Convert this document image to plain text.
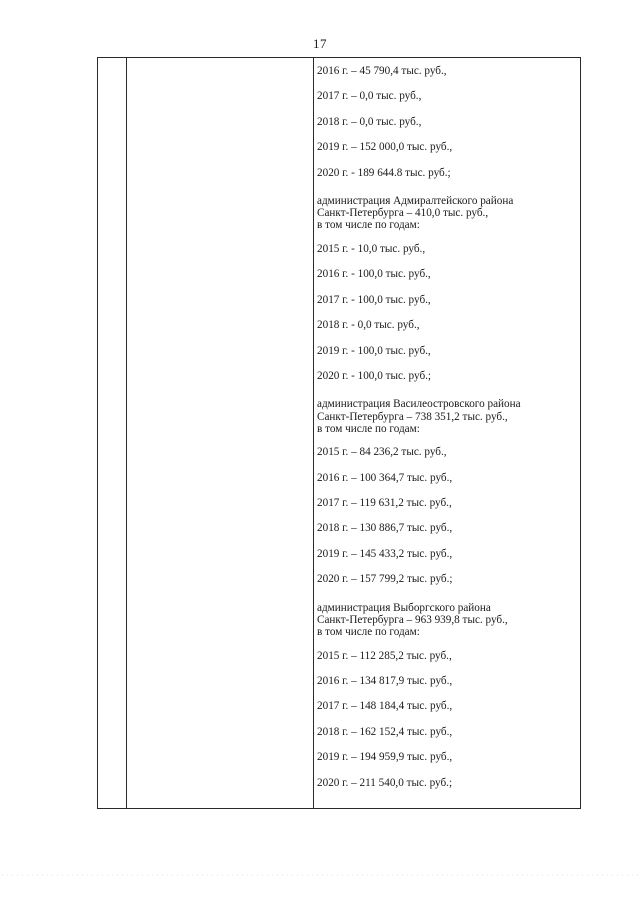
17
2016 г. – 45 790,4 тыс. руб.,
2017 г. – 0,0 тыс. руб.,
2018 г. – 0,0 тыс. руб.,
2019 г. – 152 000,0 тыс. руб.,
2020 г. - 189 644.8 тыс. руб.;
администрация Адмиралтейского района
Санкт-Петербурга – 410,0 тыс. руб.,
в том числе по годам:
2015 г. - 10,0 тыс. руб.,
2016 г. - 100,0 тыс. руб.,
2017 г. - 100,0 тыс. руб.,
2018 г. - 0,0 тыс. руб.,
2019 г. - 100,0 тыс. руб.,
2020 г. - 100,0 тыс. руб.;
администрация Василеостровского района
Санкт-Петербурга – 738 351,2 тыс. руб.,
в том числе по годам:
2015 г. – 84 236,2 тыс. руб.,
2016 г. – 100 364,7 тыс. руб.,
2017 г. – 119 631,2 тыс. руб.,
2018 г. – 130 886,7 тыс. руб.,
2019 г. – 145 433,2 тыс. руб.,
2020 г. – 157 799,2 тыс. руб.;
администрация Выборгского района
Санкт-Петербурга – 963 939,8 тыс. руб.,
в том числе по годам:
2015 г. – 112 285,2 тыс. руб.,
2016 г. – 134 817,9 тыс. руб.,
2017 г. – 148 184,4 тыс. руб.,
2018 г. – 162 152,4 тыс. руб.,
2019 г. – 194 959,9 тыс. руб.,
2020 г. – 211 540,0 тыс. руб.;
